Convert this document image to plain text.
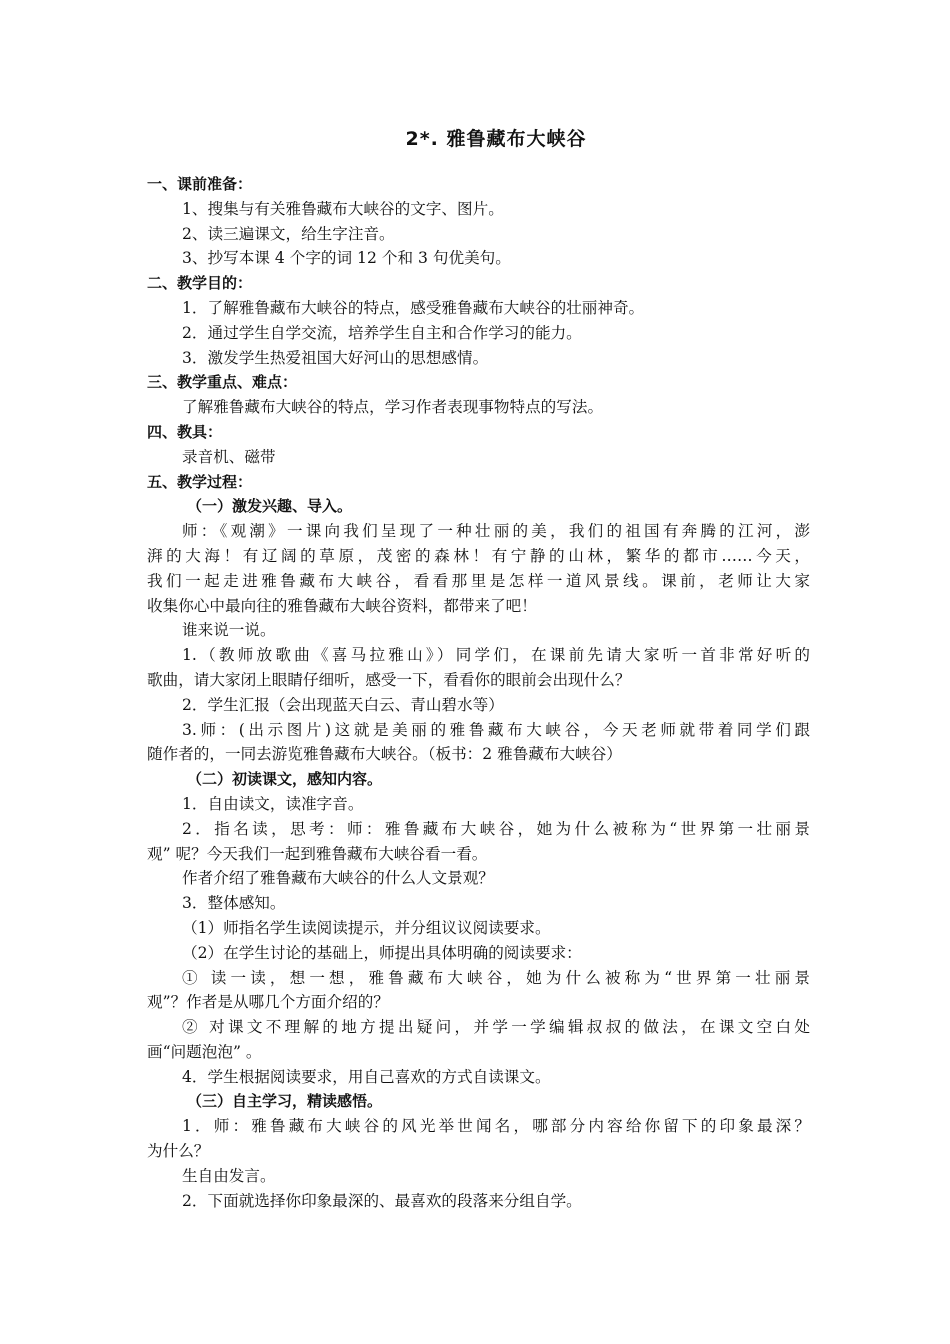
2*. 雅鲁藏布大峡谷
一、课前准备：
1、搜集与有关雅鲁藏布大峡谷的文字、图片。
2、读三遍课文，给生字注音。
3、抄写本课 4 个字的词 12 个和 3 句优美句。
二、教学目的：
1．了解雅鲁藏布大峡谷的特点，感受雅鲁藏布大峡谷的壮丽神奇。
2．通过学生自学交流，培养学生自主和合作学习的能力。
3．激发学生热爱祖国大好河山的思想感情。
三、教学重点、难点：
了解雅鲁藏布大峡谷的特点，学习作者表现事物特点的写法。
四、教具：
录音机、磁带
五、教学过程：
（一）激发兴趣、导入。
师：《观潮》一课向我们呈现了一种壮丽的美，我们的祖国有奔腾的江河，澎
湃的大海！有辽阔的草原，茂密的森林！有宁静的山林，繁华的都市……今天，
我们一起走进雅鲁藏布大峡谷，看看那里是怎样一道风景线。课前，老师让大家
收集你心中最向往的雅鲁藏布大峡谷资料，都带来了吧！
谁来说一说。
1.（教师放歌曲《喜马拉雅山》）同学们，在课前先请大家听一首非常好听的
歌曲，请大家闭上眼睛仔细听，感受一下，看看你的眼前会出现什么？
2．学生汇报（会出现蓝天白云、青山碧水等）
3.师：(出示图片)这就是美丽的雅鲁藏布大峡谷，今天老师就带着同学们跟
随作者的，一同去游览雅鲁藏布大峡谷。（板书：2 雅鲁藏布大峡谷）
（二）初读课文，感知内容。
1．自由读文，读准字音。
2．指名读，思考：师：雅鲁藏布大峡谷，她为什么被称为“世界第一壮丽景
观” 呢？今天我们一起到雅鲁藏布大峡谷看一看。
作者介绍了雅鲁藏布大峡谷的什么人文景观？
3．整体感知。
（1）师指名学生读阅读提示，并分组议议阅读要求。
（2）在学生讨论的基础上，师提出具体明确的阅读要求：
① 读一读，想一想，雅鲁藏布大峡谷，她为什么被称为“世界第一壮丽景
观”？作者是从哪几个方面介绍的？
② 对课文不理解的地方提出疑问，并学一学编辑叔叔的做法，在课文空白处
画“问题泡泡” 。
4．学生根据阅读要求，用自己喜欢的方式自读课文。
（三）自主学习，精读感悟。
1．师：雅鲁藏布大峡谷的风光举世闻名，哪部分内容给你留下的印象最深？
为什么？
生自由发言。
2．下面就选择你印象最深的、最喜欢的段落来分组自学。
